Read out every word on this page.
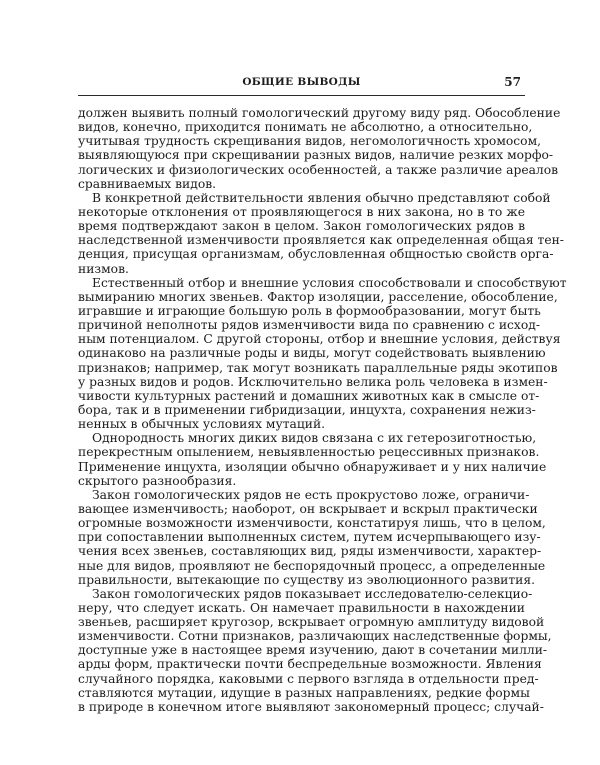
ОБЩИЕ ВЫВОДЫ	57
должен выявить полный гомологический другому виду ряд. Обособление
видов, конечно, приходится понимать не абсолютно, а относительно,
учитывая трудность скрещивания видов, негомологичность хромосом,
выявляющуюся при скрещивании разных видов, наличие резких морфо-
логических и физиологических особенностей, а также различие ареалов
сравниваемых видов.
В конкретной действительности явления обычно представляют собой
некоторые отклонения от проявляющегося в них закона, но в то же
время подтверждают закон в целом. Закон гомологических рядов в
наследственной изменчивости проявляется как определенная общая тен-
денция, присущая организмам, обусловленная общностью свойств орга-
низмов.
Естественный отбор и внешние условия способствовали и способствуют
вымиранию многих звеньев. Фактор изоляции, расселение, обособление,
игравшие и играющие большую роль в формообразовании, могут быть
причиной неполноты рядов изменчивости вида по сравнению с исход-
ным потенциалом. С другой стороны, отбор и внешние условия, действуя
одинаково на различные роды и виды, могут содействовать выявлению
признаков; например, так могут возникать параллельные ряды экотипов
у разных видов и родов. Исключительно велика роль человека в измен-
чивости культурных растений и домашних животных как в смысле от-
бора, так и в применении гибридизации, инцухта, сохранения нежиз-
ненных в обычных условиях мутаций.
Однородность многих диких видов связана с их гетерозиготностью,
перекрестным опылением, невыявленностью рецессивных признаков.
Применение инцухта, изоляции обычно обнаруживает и у них наличие
скрытого разнообразия.
Закон гомологических рядов не есть прокрустово ложе, ограничи-
вающее изменчивость; наоборот, он вскрывает и вскрыл практически
огромные возможности изменчивости, констатируя лишь, что в целом,
при сопоставлении выполненных систем, путем исчерпывающего изу-
чения всех звеньев, составляющих вид, ряды изменчивости, характер-
ные для видов, проявляют не беспорядочный процесс, а определенные
правильности, вытекающие по существу из эволюционного развития.
Закон гомологических рядов показывает исследователю-селекцио-
неру, что следует искать. Он намечает правильности в нахождении
звеньев, расширяет кругозор, вскрывает огромную амплитуду видовой
изменчивости. Сотни признаков, различающих наследственные формы,
доступные уже в настоящее время изучению, дают в сочетании милли-
арды форм, практически почти беспредельные возможности. Явления
случайного порядка, каковыми с первого взгляда в отдельности пред-
ставляются мутации, идущие в разных направлениях, редкие формы
в природе в конечном итоге выявляют закономерный процесс; случай-
